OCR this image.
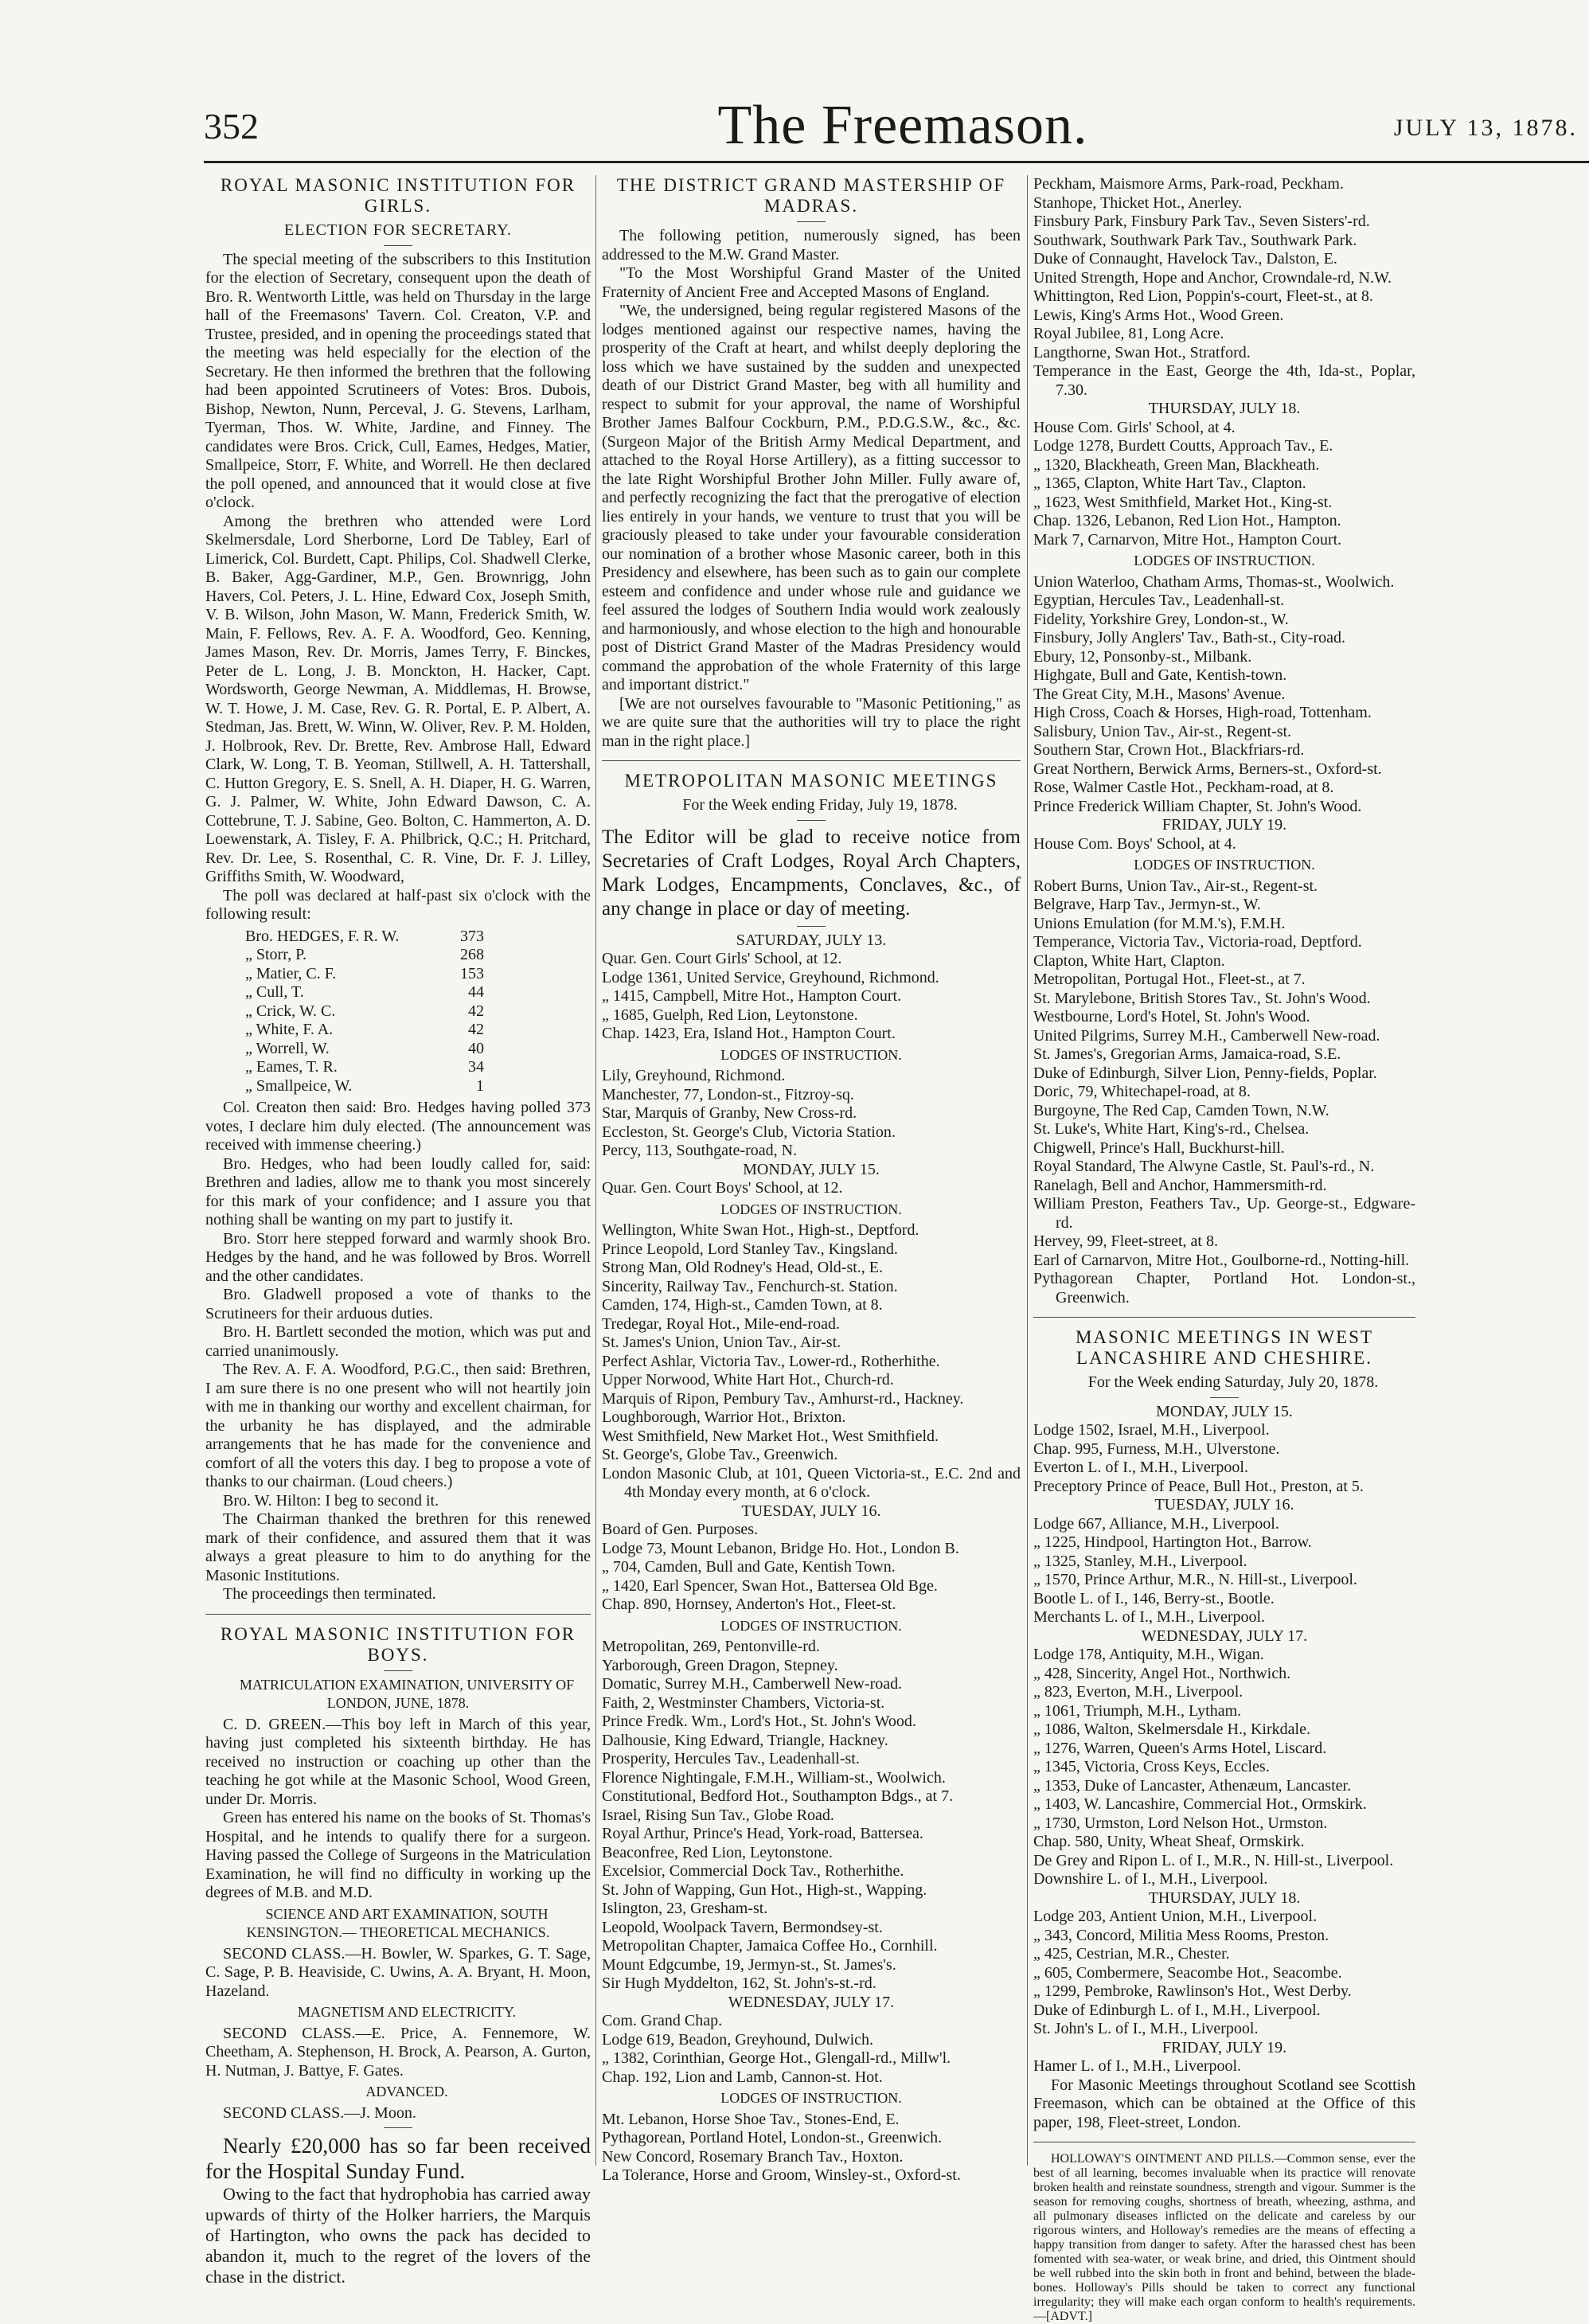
352	The Freemason.	JULY 13, 1878.
ROYAL MASONIC INSTITUTION FOR GIRLS.
ELECTION FOR SECRETARY.

The special meeting of the subscribers to this Institution for the election of Secretary, consequent upon the death of Bro. R. Wentworth Little, was held on Thursday in the large hall of the Freemasons' Tavern. Col. Creaton, V.P. and Trustee, presided, and in opening the proceedings stated that the meeting was held especially for the election of the Secretary. He then informed the brethren that the following had been appointed Scrutineers of Votes: Bros. Dubois, Bishop, Newton, Nunn, Perceval, J. G. Stevens, Larlham, Tyerman, Thos. W. White, Jardine, and Finney. The candidates were Bros. Crick, Cull, Eames, Hedges, Matier, Smallpeice, Storr, F. White, and Worrell. He then declared the poll opened, and announced that it would close at five o'clock.

Among the brethren who attended were Lord Skelmersdale, Lord Sherborne, Lord De Tabley, Earl of Limerick, Col. Burdett, Capt. Philips, Col. Shadwell Clerke, B. Baker, Agg-Gardiner, M.P., Gen. Brownrigg, John Havers, Col. Peters, J. L. Hine, Edward Cox, Joseph Smith, V. B. Wilson, John Mason, W. Mann, Frederick Smith, W. Main, F. Fellows, Rev. A. F. A. Woodford, Geo. Kenning, James Mason, Rev. Dr. Morris, James Terry, F. Binckes, Peter de L. Long, J. B. Monckton, H. Hacker, Capt. Wordsworth, George Newman, A. Middlemas, H. Browse, W. T. Howe, J. M. Case, Rev. G. R. Portal, E. P. Albert, A. Stedman, Jas. Brett, W. Winn, W. Oliver, Rev. P. M. Holden, J. Holbrook, Rev. Dr. Brette, Rev. Ambrose Hall, Edward Clark, W. Long, T. B. Yeoman, Stillwell, A. H. Tattershall, C. Hutton Gregory, E. S. Snell, A. H. Diaper, H. G. Warren, G. J. Palmer, W. White, John Edward Dawson, C. A. Cottebrune, T. J. Sabine, Geo. Bolton, C. Hammerton, A. D. Loewenstark, A. Tisley, F. A. Philbrick, Q.C.; H. Pritchard, Rev. Dr. Lee, S. Rosenthal, C. R. Vine, Dr. F. J. Lilley, Griffiths Smith, W. Woodward,

The poll was declared at half-past six o'clock with the following result:

Bro. HEDGES, F. R. W.	373
„ Storr, P.	268
„ Matier, C. F.	153
„ Cull, T.	44
„ Crick, W. C.	42
„ White, F. A.	42
„ Worrell, W.	40
„ Eames, T. R.	34
„ Smallpeice, W.	1

Col. Creaton then said: Bro. Hedges having polled 373 votes, I declare him duly elected. (The announcement was received with immense cheering.)

Bro. Hedges, who had been loudly called for, said: Brethren and ladies, allow me to thank you most sincerely for this mark of your confidence; and I assure you that nothing shall be wanting on my part to justify it.

Bro. Storr here stepped forward and warmly shook Bro. Hedges by the hand, and he was followed by Bros. Worrell and the other candidates.

Bro. Gladwell proposed a vote of thanks to the Scrutineers for their arduous duties.

Bro. H. Bartlett seconded the motion, which was put and carried unanimously.

The Rev. A. F. A. Woodford, P.G.C., then said: Brethren, I am sure there is no one present who will not heartily join with me in thanking our worthy and excellent chairman, for the urbanity he has displayed, and the admirable arrangements that he has made for the convenience and comfort of all the voters this day. I beg to propose a vote of thanks to our chairman. (Loud cheers.)

Bro. W. Hilton: I beg to second it.

The Chairman thanked the brethren for this renewed mark of their confidence, and assured them that it was always a great pleasure to him to do anything for the Masonic Institutions.

The proceedings then terminated.

ROYAL MASONIC INSTITUTION FOR BOYS.

MATRICULATION EXAMINATION, UNIVERSITY OF LONDON, JUNE, 1878.

C. D. GREEN.—This boy left in March of this year, having just completed his sixteenth birthday. He has received no instruction or coaching up other than the teaching he got while at the Masonic School, Wood Green, under Dr. Morris.

Green has entered his name on the books of St. Thomas's Hospital, and he intends to qualify there for a surgeon. Having passed the College of Surgeons in the Matriculation Examination, he will find no difficulty in working up the degrees of M.B. and M.D.

SCIENCE AND ART EXAMINATION, SOUTH KENSINGTON.— THEORETICAL MECHANICS.

SECOND CLASS.—H. Bowler, W. Sparkes, G. T. Sage, C. Sage, P. B. Heaviside, C. Uwins, A. A. Bryant, H. Moon, Hazeland.

MAGNETISM AND ELECTRICITY.

SECOND CLASS.—E. Price, A. Fennemore, W. Cheetham, A. Stephenson, H. Brock, A. Pearson, A. Gurton, H. Nutman, J. Battye, F. Gates.

ADVANCED.

SECOND CLASS.—J. Moon.

Nearly £20,000 has so far been received for the Hospital Sunday Fund.

Owing to the fact that hydrophobia has carried away upwards of thirty of the Holker harriers, the Marquis of Hartington, who owns the pack has decided to abandon it, much to the regret of the lovers of the chase in the district.

THE DISTRICT GRAND MASTERSHIP OF MADRAS.

The following petition, numerously signed, has been addressed to the M.W. Grand Master.

"To the Most Worshipful Grand Master of the United Fraternity of Ancient Free and Accepted Masons of England.

"We, the undersigned, being regular registered Masons of the lodges mentioned against our respective names, having the prosperity of the Craft at heart, and whilst deeply deploring the loss which we have sustained by the sudden and unexpected death of our District Grand Master, beg with all humility and respect to submit for your approval, the name of Worshipful Brother James Balfour Cockburn, P.M., P.D.G.S.W., &c., &c. (Surgeon Major of the British Army Medical Department, and attached to the Royal Horse Artillery), as a fitting successor to the late Right Worshipful Brother John Miller. Fully aware of, and perfectly recognizing the fact that the prerogative of election lies entirely in your hands, we venture to trust that you will be graciously pleased to take under your favourable consideration our nomination of a brother whose Masonic career, both in this Presidency and elsewhere, has been such as to gain our complete esteem and confidence and under whose rule and guidance we feel assured the lodges of Southern India would work zealously and harmoniously, and whose election to the high and honourable post of District Grand Master of the Madras Presidency would command the approbation of the whole Fraternity of this large and important district."

[We are not ourselves favourable to "Masonic Petitioning," as we are quite sure that the authorities will try to place the right man in the right place.]

METROPOLITAN MASONIC MEETINGS

For the Week ending Friday, July 19, 1878.

The Editor will be glad to receive notice from Secretaries of Craft Lodges, Royal Arch Chapters, Mark Lodges, Encampments, Conclaves, &c., of any change in place or day of meeting.

SATURDAY, JULY 13.
Quar. Gen. Court Girls' School, at 12.
Lodge 1361, United Service, Greyhound, Richmond.
„ 1415, Campbell, Mitre Hot., Hampton Court.
„ 1685, Guelph, Red Lion, Leytonstone.
Chap. 1423, Era, Island Hot., Hampton Court.
LODGES OF INSTRUCTION.
Lily, Greyhound, Richmond.
Manchester, 77, London-st., Fitzroy-sq.
Star, Marquis of Granby, New Cross-rd.
Eccleston, St. George's Club, Victoria Station.
Percy, 113, Southgate-road, N.
MONDAY, JULY 15.
Quar. Gen. Court Boys' School, at 12.
LODGES OF INSTRUCTION.
Wellington, White Swan Hot., High-st., Deptford.
Prince Leopold, Lord Stanley Tav., Kingsland.
Strong Man, Old Rodney's Head, Old-st., E.
Sincerity, Railway Tav., Fenchurch-st. Station.
Camden, 174, High-st., Camden Town, at 8.
Tredegar, Royal Hot., Mile-end-road.
St. James's Union, Union Tav., Air-st.
Perfect Ashlar, Victoria Tav., Lower-rd., Rotherhithe.
Upper Norwood, White Hart Hot., Church-rd.
Marquis of Ripon, Pembury Tav., Amhurst-rd., Hackney.
Loughborough, Warrior Hot., Brixton.
West Smithfield, New Market Hot., West Smithfield.
St. George's, Globe Tav., Greenwich.
London Masonic Club, at 101, Queen Victoria-st., E.C. 2nd and 4th Monday every month, at 6 o'clock.
TUESDAY, JULY 16.
Board of Gen. Purposes.
Lodge 73, Mount Lebanon, Bridge Ho. Hot., London B.
„ 704, Camden, Bull and Gate, Kentish Town.
„ 1420, Earl Spencer, Swan Hot., Battersea Old Bge.
Chap. 890, Hornsey, Anderton's Hot., Fleet-st.
LODGES OF INSTRUCTION.
Metropolitan, 269, Pentonville-rd.
Yarborough, Green Dragon, Stepney.
Domatic, Surrey M.H., Camberwell New-road.
Faith, 2, Westminster Chambers, Victoria-st.
Prince Fredk. Wm., Lord's Hot., St. John's Wood.
Dalhousie, King Edward, Triangle, Hackney.
Prosperity, Hercules Tav., Leadenhall-st.
Florence Nightingale, F.M.H., William-st., Woolwich.
Constitutional, Bedford Hot., Southampton Bdgs., at 7.
Israel, Rising Sun Tav., Globe Road.
Royal Arthur, Prince's Head, York-road, Battersea.
Beaconfree, Red Lion, Leytonstone.
Excelsior, Commercial Dock Tav., Rotherhithe.
St. John of Wapping, Gun Hot., High-st., Wapping.
Islington, 23, Gresham-st.
Leopold, Woolpack Tavern, Bermondsey-st.
Metropolitan Chapter, Jamaica Coffee Ho., Cornhill.
Mount Edgcumbe, 19, Jermyn-st., St. James's.
Sir Hugh Myddelton, 162, St. John's-st.-rd.
WEDNESDAY, JULY 17.
Com. Grand Chap.
Lodge 619, Beadon, Greyhound, Dulwich.
„ 1382, Corinthian, George Hot., Glengall-rd., Millw'l.
Chap. 192, Lion and Lamb, Cannon-st. Hot.
LODGES OF INSTRUCTION.
Mt. Lebanon, Horse Shoe Tav., Stones-End, E.
Pythagorean, Portland Hotel, London-st., Greenwich.
New Concord, Rosemary Branch Tav., Hoxton.
La Tolerance, Horse and Groom, Winsley-st., Oxford-st.
Peckham, Maismore Arms, Park-road, Peckham.
Stanhope, Thicket Hot., Anerley.
Finsbury Park, Finsbury Park Tav., Seven Sisters'-rd.
Southwark, Southwark Park Tav., Southwark Park.
Duke of Connaught, Havelock Tav., Dalston, E.
United Strength, Hope and Anchor, Crowndale-rd, N.W.
Whittington, Red Lion, Poppin's-court, Fleet-st., at 8.
Lewis, King's Arms Hot., Wood Green.
Royal Jubilee, 81, Long Acre.
Langthorne, Swan Hot., Stratford.
Temperance in the East, George the 4th, Ida-st., Poplar, 7.30.
THURSDAY, JULY 18.
House Com. Girls' School, at 4.
Lodge 1278, Burdett Coutts, Approach Tav., E.
„ 1320, Blackheath, Green Man, Blackheath.
„ 1365, Clapton, White Hart Tav., Clapton.
„ 1623, West Smithfield, Market Hot., King-st.
Chap. 1326, Lebanon, Red Lion Hot., Hampton.
Mark 7, Carnarvon, Mitre Hot., Hampton Court.
LODGES OF INSTRUCTION.
Union Waterloo, Chatham Arms, Thomas-st., Woolwich.
Egyptian, Hercules Tav., Leadenhall-st.
Fidelity, Yorkshire Grey, London-st., W.
Finsbury, Jolly Anglers' Tav., Bath-st., City-road.
Ebury, 12, Ponsonby-st., Milbank.
Highgate, Bull and Gate, Kentish-town.
The Great City, M.H., Masons' Avenue.
High Cross, Coach & Horses, High-road, Tottenham.
Salisbury, Union Tav., Air-st., Regent-st.
Southern Star, Crown Hot., Blackfriars-rd.
Great Northern, Berwick Arms, Berners-st., Oxford-st.
Rose, Walmer Castle Hot., Peckham-road, at 8.
Prince Frederick William Chapter, St. John's Wood.
FRIDAY, JULY 19.
House Com. Boys' School, at 4.
LODGES OF INSTRUCTION.
Robert Burns, Union Tav., Air-st., Regent-st.
Belgrave, Harp Tav., Jermyn-st., W.
Unions Emulation (for M.M.'s), F.M.H.
Temperance, Victoria Tav., Victoria-road, Deptford.
Clapton, White Hart, Clapton.
Metropolitan, Portugal Hot., Fleet-st., at 7.
St. Marylebone, British Stores Tav., St. John's Wood.
Westbourne, Lord's Hotel, St. John's Wood.
United Pilgrims, Surrey M.H., Camberwell New-road.
St. James's, Gregorian Arms, Jamaica-road, S.E.
Duke of Edinburgh, Silver Lion, Penny-fields, Poplar.
Doric, 79, Whitechapel-road, at 8.
Burgoyne, The Red Cap, Camden Town, N.W.
St. Luke's, White Hart, King's-rd., Chelsea.
Chigwell, Prince's Hall, Buckhurst-hill.
Royal Standard, The Alwyne Castle, St. Paul's-rd., N.
Ranelagh, Bell and Anchor, Hammersmith-rd.
William Preston, Feathers Tav., Up. George-st., Edgware-rd.
Hervey, 99, Fleet-street, at 8.
Earl of Carnarvon, Mitre Hot., Goulborne-rd., Notting-hill.
Pythagorean Chapter, Portland Hot. London-st., Greenwich.
MASONIC MEETINGS IN WEST LANCASHIRE AND CHESHIRE.

For the Week ending Saturday, July 20, 1878.

MONDAY, JULY 15.
Lodge 1502, Israel, M.H., Liverpool.
Chap. 995, Furness, M.H., Ulverstone.
Everton L. of I., M.H., Liverpool.
Preceptory Prince of Peace, Bull Hot., Preston, at 5.
TUESDAY, JULY 16.
Lodge 667, Alliance, M.H., Liverpool.
„ 1225, Hindpool, Hartington Hot., Barrow.
„ 1325, Stanley, M.H., Liverpool.
„ 1570, Prince Arthur, M.R., N. Hill-st., Liverpool.
Bootle L. of I., 146, Berry-st., Bootle.
Merchants L. of I., M.H., Liverpool.
WEDNESDAY, JULY 17.
Lodge 178, Antiquity, M.H., Wigan.
„ 428, Sincerity, Angel Hot., Northwich.
„ 823, Everton, M.H., Liverpool.
„ 1061, Triumph, M.H., Lytham.
„ 1086, Walton, Skelmersdale H., Kirkdale.
„ 1276, Warren, Queen's Arms Hotel, Liscard.
„ 1345, Victoria, Cross Keys, Eccles.
„ 1353, Duke of Lancaster, Athenæum, Lancaster.
„ 1403, W. Lancashire, Commercial Hot., Ormskirk.
„ 1730, Urmston, Lord Nelson Hot., Urmston.
Chap. 580, Unity, Wheat Sheaf, Ormskirk.
De Grey and Ripon L. of I., M.R., N. Hill-st., Liverpool.
Downshire L. of I., M.H., Liverpool.
THURSDAY, JULY 18.
Lodge 203, Antient Union, M.H., Liverpool.
„ 343, Concord, Militia Mess Rooms, Preston.
„ 425, Cestrian, M.R., Chester.
„ 605, Combermere, Seacombe Hot., Seacombe.
„ 1299, Pembroke, Rawlinson's Hot., West Derby.
Duke of Edinburgh L. of I., M.H., Liverpool.
St. John's L. of I., M.H., Liverpool.
FRIDAY, JULY 19.
Hamer L. of I., M.H., Liverpool.

For Masonic Meetings throughout Scotland see Scottish Freemason, which can be obtained at the Office of this paper, 198, Fleet-street, London.

HOLLOWAY'S OINTMENT AND PILLS.—Common sense, ever the best of all learning, becomes invaluable when its practice will renovate broken health and reinstate soundness, strength and vigour. Summer is the season for removing coughs, shortness of breath, wheezing, asthma, and all pulmonary diseases inflicted on the delicate and careless by our rigorous winters, and Holloway's remedies are the means of effecting a happy transition from danger to safety. After the harassed chest has been fomented with sea-water, or weak brine, and dried, this Ointment should be well rubbed into the skin both in front and behind, between the blade-bones. Holloway's Pills should be taken to correct any functional irregularity; they will make each organ conform to health's requirements.—[ADVT.]
